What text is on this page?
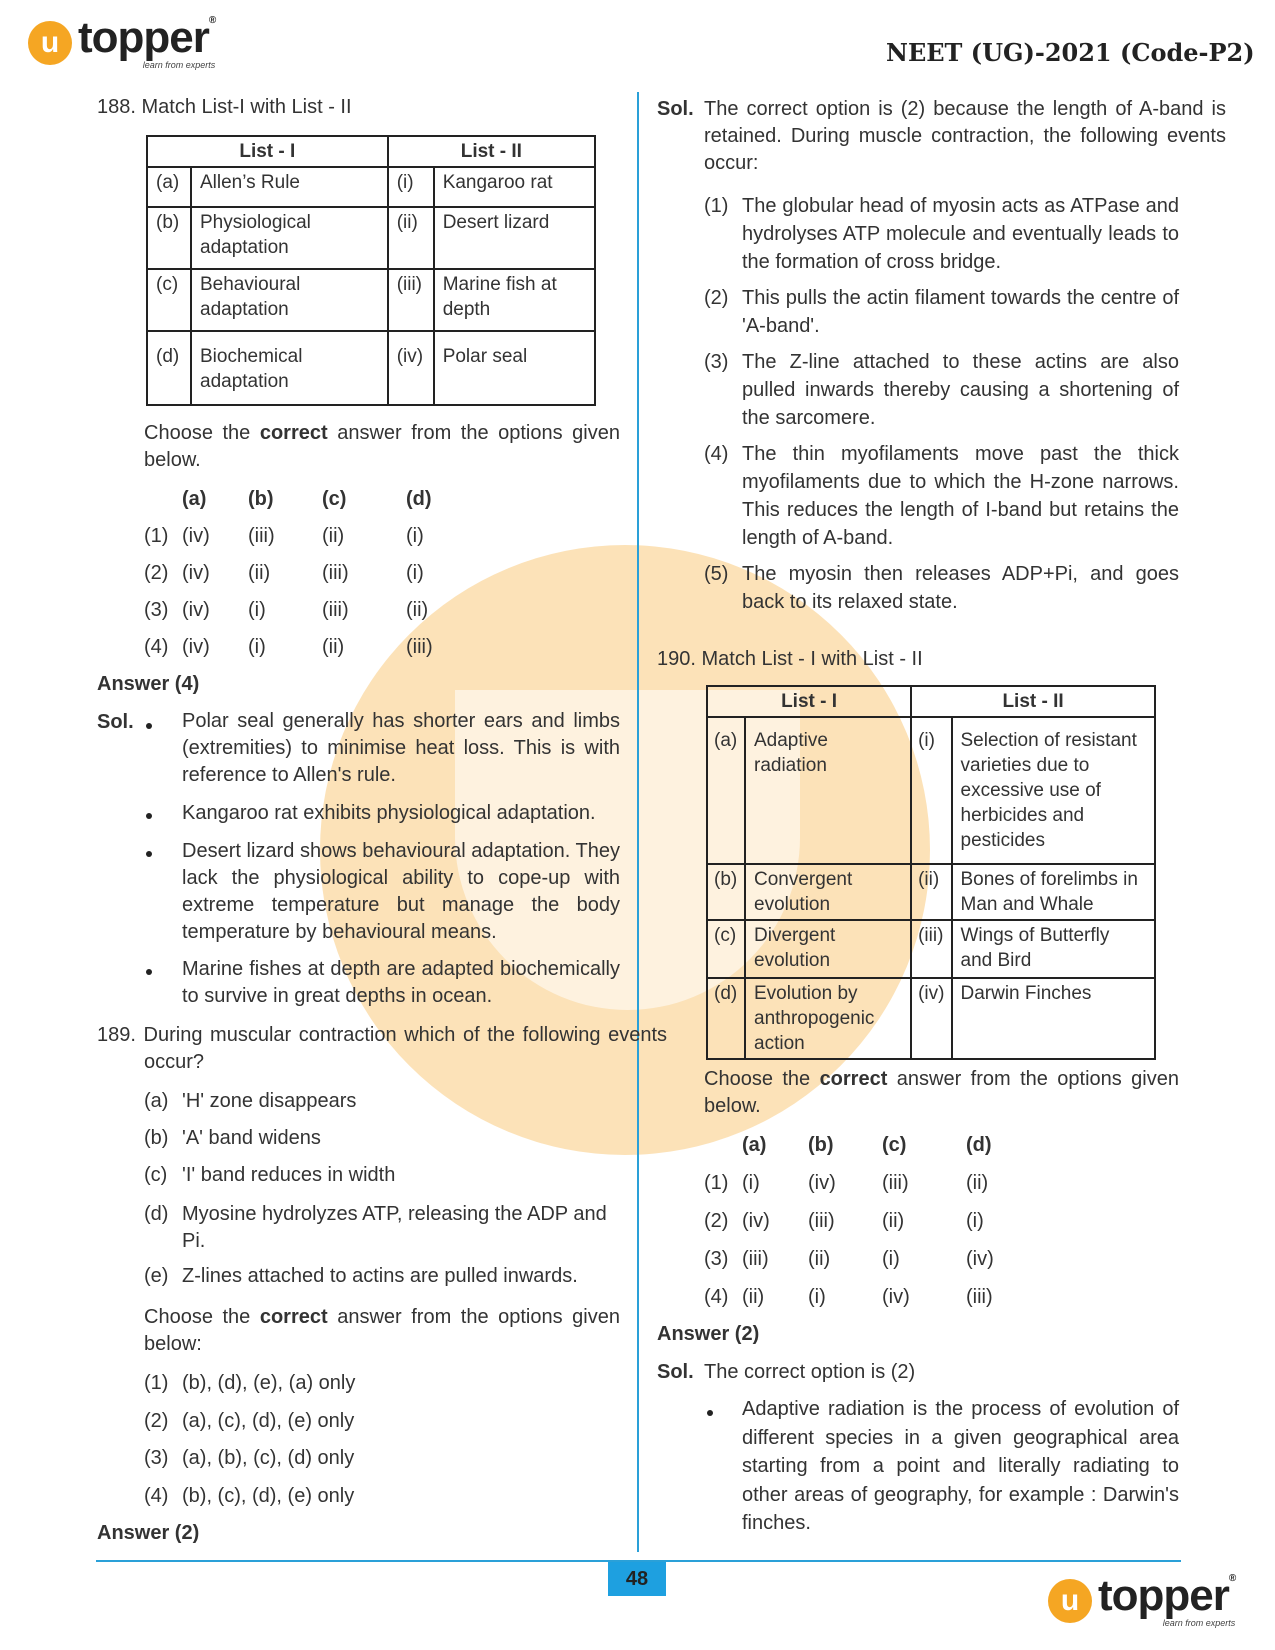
u topper®
learn from experts	NEET (UG)-2021 (Code-P2)
188. Match List-I with List - II
List - I		List - II	
(a)	Allen’s Rule	(i)	Kangaroo rat
(b)	Physiological adaptation	(ii)	Desert lizard
(c)	Behavioural adaptation	(iii)	Marine fish at depth
(d)	Biochemical adaptation	(iv)	Polar seal
Choose the correct answer from the options given below.
(a)	(b)	(c)	(d)
(1) (iv)	(iii)	(ii)	(i)
(2) (iv)	(ii)	(iii)	(i)
(3) (iv)	(i)	(iii)	(ii)
(4) (iv)	(i)	(ii)	(iii)
Answer (4)
Sol. Polar seal generally has shorter ears and limbs (extremities) to minimise heat loss. This is with reference to Allen's rule.
Kangaroo rat exhibits physiological adaptation.
Desert lizard shows behavioural adaptation. They lack the physiological ability to cope-up with extreme temperature but manage the body temperature by behavioural means.
Marine fishes at depth are adapted biochemically to survive in great depths in ocean.
189. During muscular contraction which of the following events occur?
(a) 'H' zone disappears
(b) 'A' band widens
(c) 'I' band reduces in width
(d) Myosine hydrolyzes ATP, releasing the ADP and Pi.
(e) Z-lines attached to actins are pulled inwards.
Choose the correct answer from the options given below:
(1) (b), (d), (e), (a) only
(2) (a), (c), (d), (e) only
(3) (a), (b), (c), (d) only
(4) (b), (c), (d), (e) only
Answer (2)
Sol. The correct option is (2) because the length of A-band is retained. During muscle contraction, the following events occur:
(1) The globular head of myosin acts as ATPase and hydrolyses ATP molecule and eventually leads to the formation of cross bridge.
(2) This pulls the actin filament towards the centre of 'A-band'.
(3) The Z-line attached to these actins are also pulled inwards thereby causing a shortening of the sarcomere.
(4) The thin myofilaments move past the thick myofilaments due to which the H-zone narrows. This reduces the length of I-band but retains the length of A-band.
(5) The myosin then releases ADP+Pi, and goes back to its relaxed state.
190. Match List - I with List - II
List - I		List - II	
(a)	Adaptive radiation	(i)	Selection of resistant varieties due to excessive use of herbicides and pesticides
(b)	Convergent evolution	(ii)	Bones of forelimbs in Man and Whale
(c)	Divergent evolution	(iii)	Wings of Butterfly and Bird
(d)	Evolution by anthropogenic action	(iv)	Darwin Finches
Choose the correct answer from the options given below.
(a)	(b)	(c)	(d)
(1) (i)	(iv)	(iii)	(ii)
(2) (iv)	(iii)	(ii)	(i)
(3) (iii)	(ii)	(i)	(iv)
(4) (ii)	(i)	(iv)	(iii)
Answer (2)
Sol. The correct option is (2)
Adaptive radiation is the process of evolution of different species in a given geographical area starting from a point and literally radiating to other areas of geography, for example : Darwin's finches.
48
u topper®
learn from experts
